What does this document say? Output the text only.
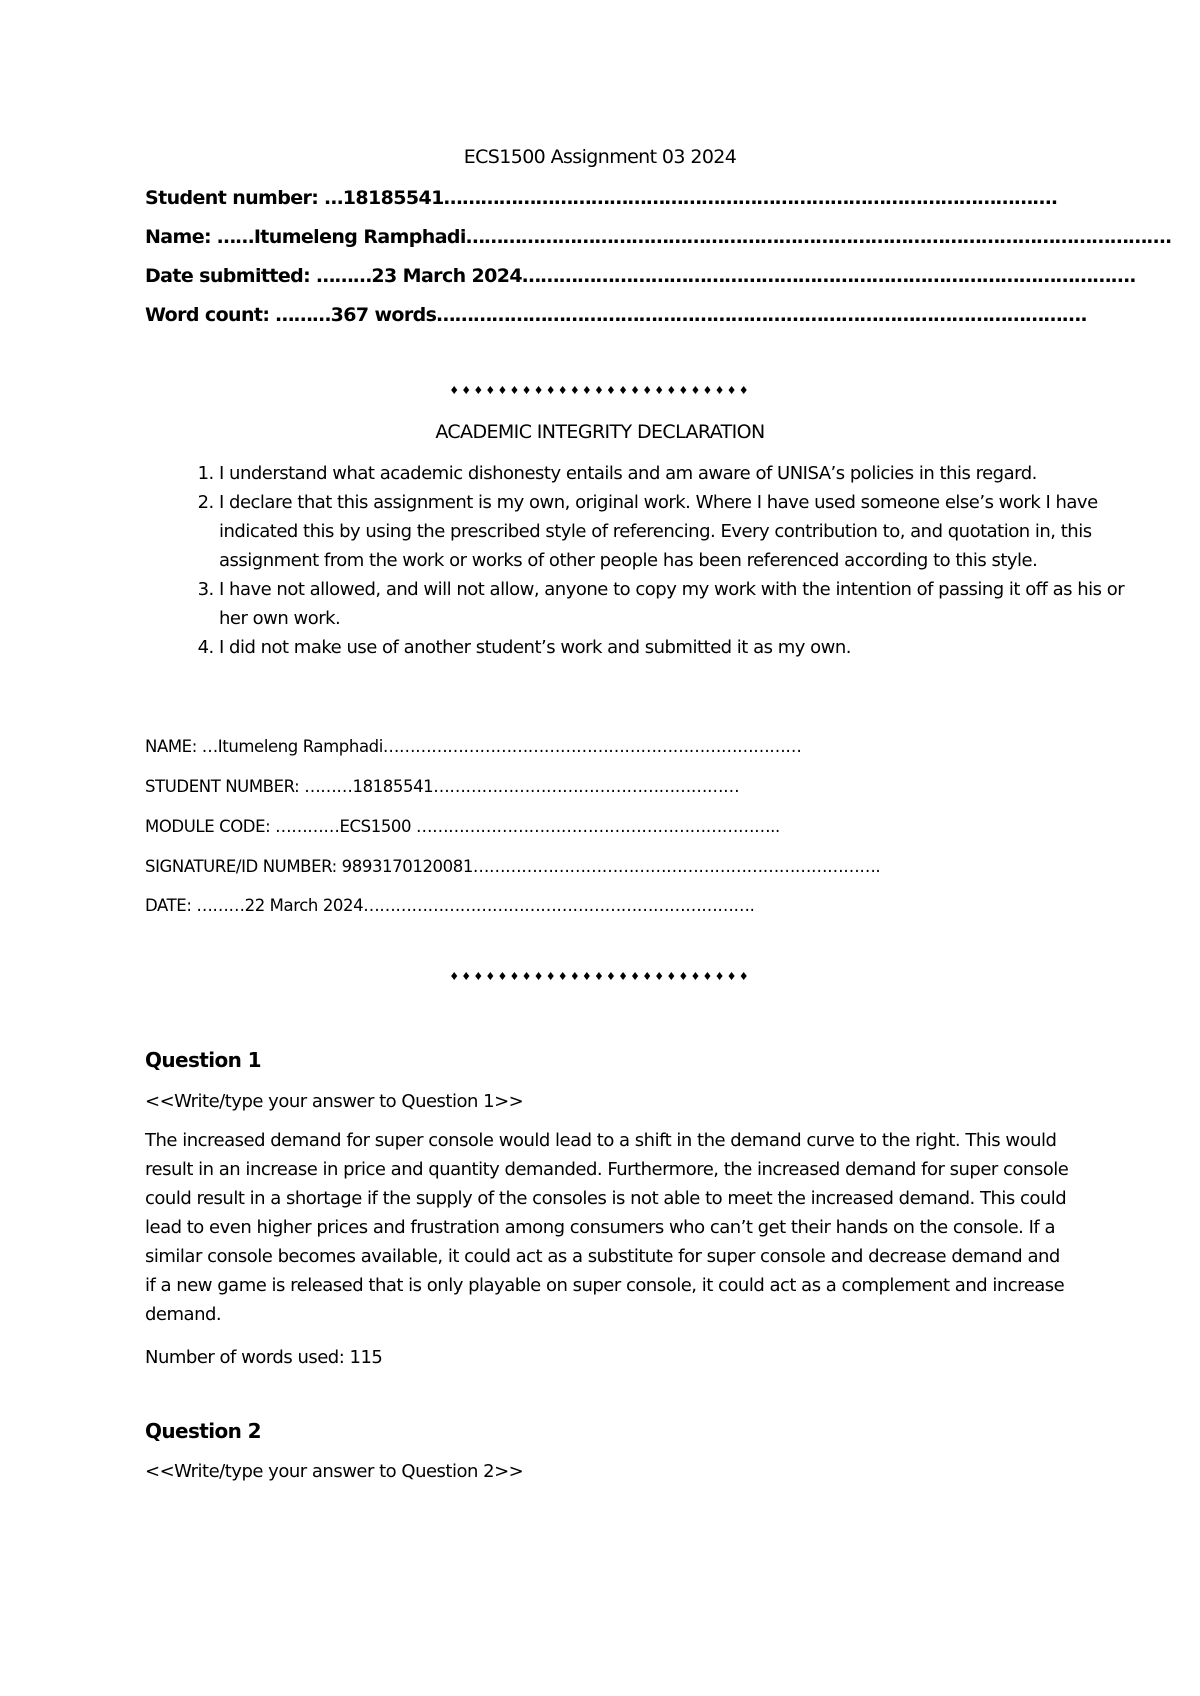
ECS1500 Assignment 03 2024
Student number: …18185541……………………………………………………………………………………….
Name: ……Itumeleng Ramphadi…………………………………………………………………………………………………….
Date submitted: ………23 March 2024……………………………………………………………………………………….
Word count: ………367 words…………………………………………………………………………………………….
♦♦♦♦♦♦♦♦♦♦♦♦♦♦♦♦♦♦♦♦♦♦♦♦♦
ACADEMIC INTEGRITY DECLARATION
1. I understand what academic dishonesty entails and am aware of UNISA’s policies in this regard.
2. I declare that this assignment is my own, original work. Where I have used someone else’s work I have indicated this by using the prescribed style of referencing. Every contribution to, and quotation in, this assignment from the work or works of other people has been referenced according to this style.
3. I have not allowed, and will not allow, anyone to copy my work with the intention of passing it off as his or her own work.
4. I did not make use of another student’s work and submitted it as my own.
NAME: …Itumeleng Ramphadi……………………………………………………………………
STUDENT NUMBER: ………18185541…………………………………………………
MODULE CODE: …………ECS1500 …………………………………………………………..
SIGNATURE/ID NUMBER: 9893170120081………………………………………………………………….
DATE: ………22 March 2024……………………………………………………………….
♦♦♦♦♦♦♦♦♦♦♦♦♦♦♦♦♦♦♦♦♦♦♦♦♦
Question 1
<<Write/type your answer to Question 1>>
The increased demand for super console would lead to a shift in the demand curve to the right. This would result in an increase in price and quantity demanded. Furthermore, the increased demand for super console could result in a shortage if the supply of the consoles is not able to meet the increased demand. This could lead to even higher prices and frustration among consumers who can’t get their hands on the console. If a similar console becomes available, it could act as a substitute for super console and decrease demand and if a new game is released that is only playable on super console, it could act as a complement and increase demand.
Number of words used: 115
Question 2
<<Write/type your answer to Question 2>>
